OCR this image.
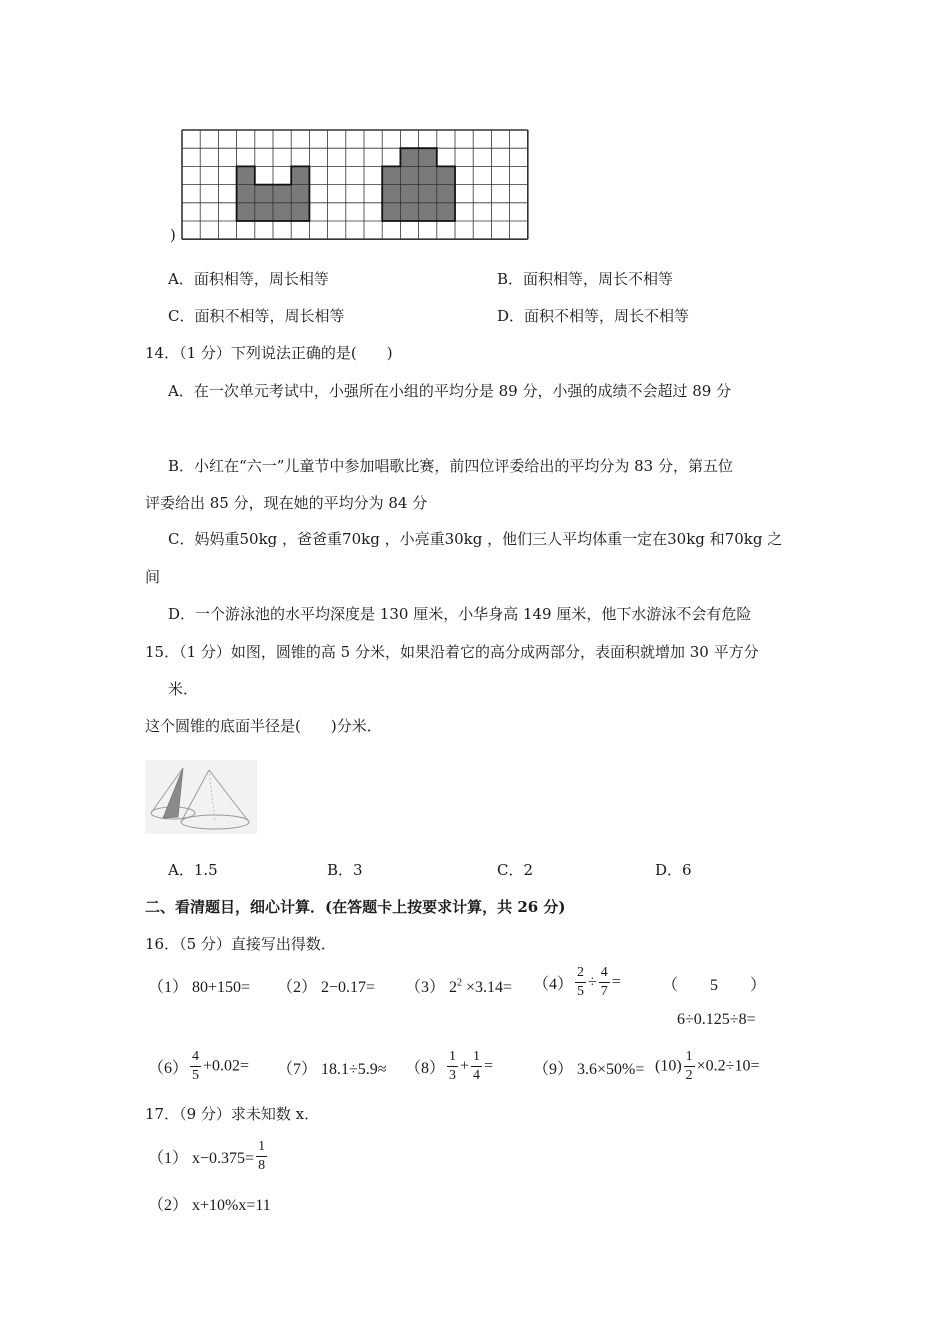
)
A．面积相等，周长相等	B．面积相等，周长不相等
C．面积不相等，周长相等	D．面积不相等，周长不相等
14．（1 分）下列说法正确的是(　　)
A．在一次单元考试中，小强所在小组的平均分是 89 分，小强的成绩不会超过 89 分
B．小红在“六一”儿童节中参加唱歌比赛，前四位评委给出的平均分为 83 分，第五位
评委给出 85 分，现在她的平均分为 84 分
C．妈妈重50kg ，爸爸重70kg ，小亮重30kg ，他们三人平均体重一定在30kg 和70kg 之
间
D．一个游泳池的水平均深度是 130 厘米，小华身高 149 厘米，他下水游泳不会有危险
15．（1 分）如图，圆锥的高 5 分米，如果沿着它的高分成两部分，表面积就增加 30 平方分
米．
这个圆锥的底面半径是(　　)分米．
A．1.5	B．3	C．2	D．6
二、看清题目，细心计算．(在答题卡上按要求计算，共 26 分)
16．（5 分）直接写出得数．
（1） 80+150= （2） 2−0.17= （3） $2^2 \times 3.14= (4) \frac{2}{5} \div \frac{4}{7}$ =	（　　5　　）
6÷0.125÷8=
$(6) \frac{4}{5} +0.02= (7)$ $18.1\div 5.9\approx (8) \frac{1}{3} + \frac{1}{4} = (9)$ $3.6\times 50\%= (10) \frac{1}{2} \times 0.2\div 10=$
17．（9 分）求未知数 x．
（1） $x-0.375= \frac{1}{8}$
（2） x+10%x=11
